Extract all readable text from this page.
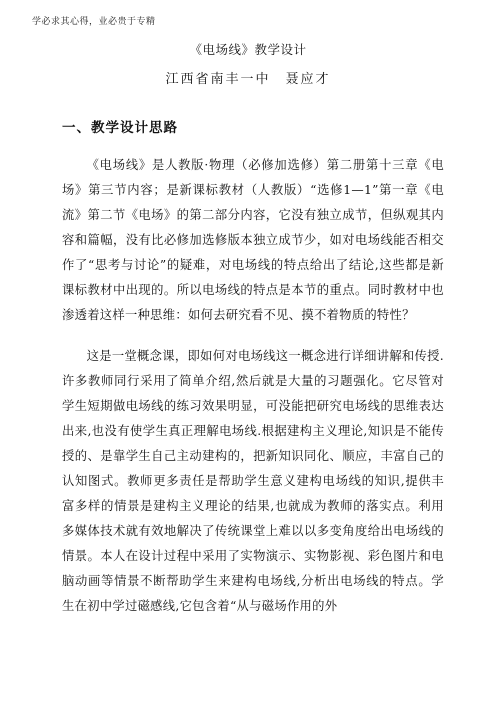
学必求其心得，业必贵于专精
《电场线》教学设计
江西省南丰一中　聂应才
一、教学设计思路

《电场线》是人教版·物理（必修加选修）第二册第十三章《电场》第三节内容；是新课标教材（人教版）“选修1—1”第一章《电流》第二节《电场》的第二部分内容，它没有独立成节，但纵观其内容和篇幅，没有比必修加选修版本独立成节少，如对电场线能否相交作了“思考与讨论”的疑难，对电场线的特点给出了结论,这些都是新课标教材中出现的。所以电场线的特点是本节的重点。同时教材中也渗透着这样一种思维：如何去研究看不见、摸不着物质的特性？

这是一堂概念课，即如何对电场线这一概念进行详细讲解和传授.许多教师同行采用了简单介绍,然后就是大量的习题强化。它尽管对学生短期做电场线的练习效果明显，可没能把研究电场线的思维表达出来,也没有使学生真正理解电场线.根据建构主义理论,知识是不能传授的、是靠学生自己主动建构的，把新知识同化、顺应，丰富自己的认知图式。教师更多责任是帮助学生意义建构电场线的知识,提供丰富多样的情景是建构主义理论的结果,也就成为教师的落实点。利用多媒体技术就有效地解决了传统课堂上难以以多变角度给出电场线的情景。本人在设计过程中采用了实物演示、实物影视、彩色图片和电脑动画等情景不断帮助学生来建构电场线,分析出电场线的特点。学生在初中学过磁感线,它包含着“从与磁场作用的外
